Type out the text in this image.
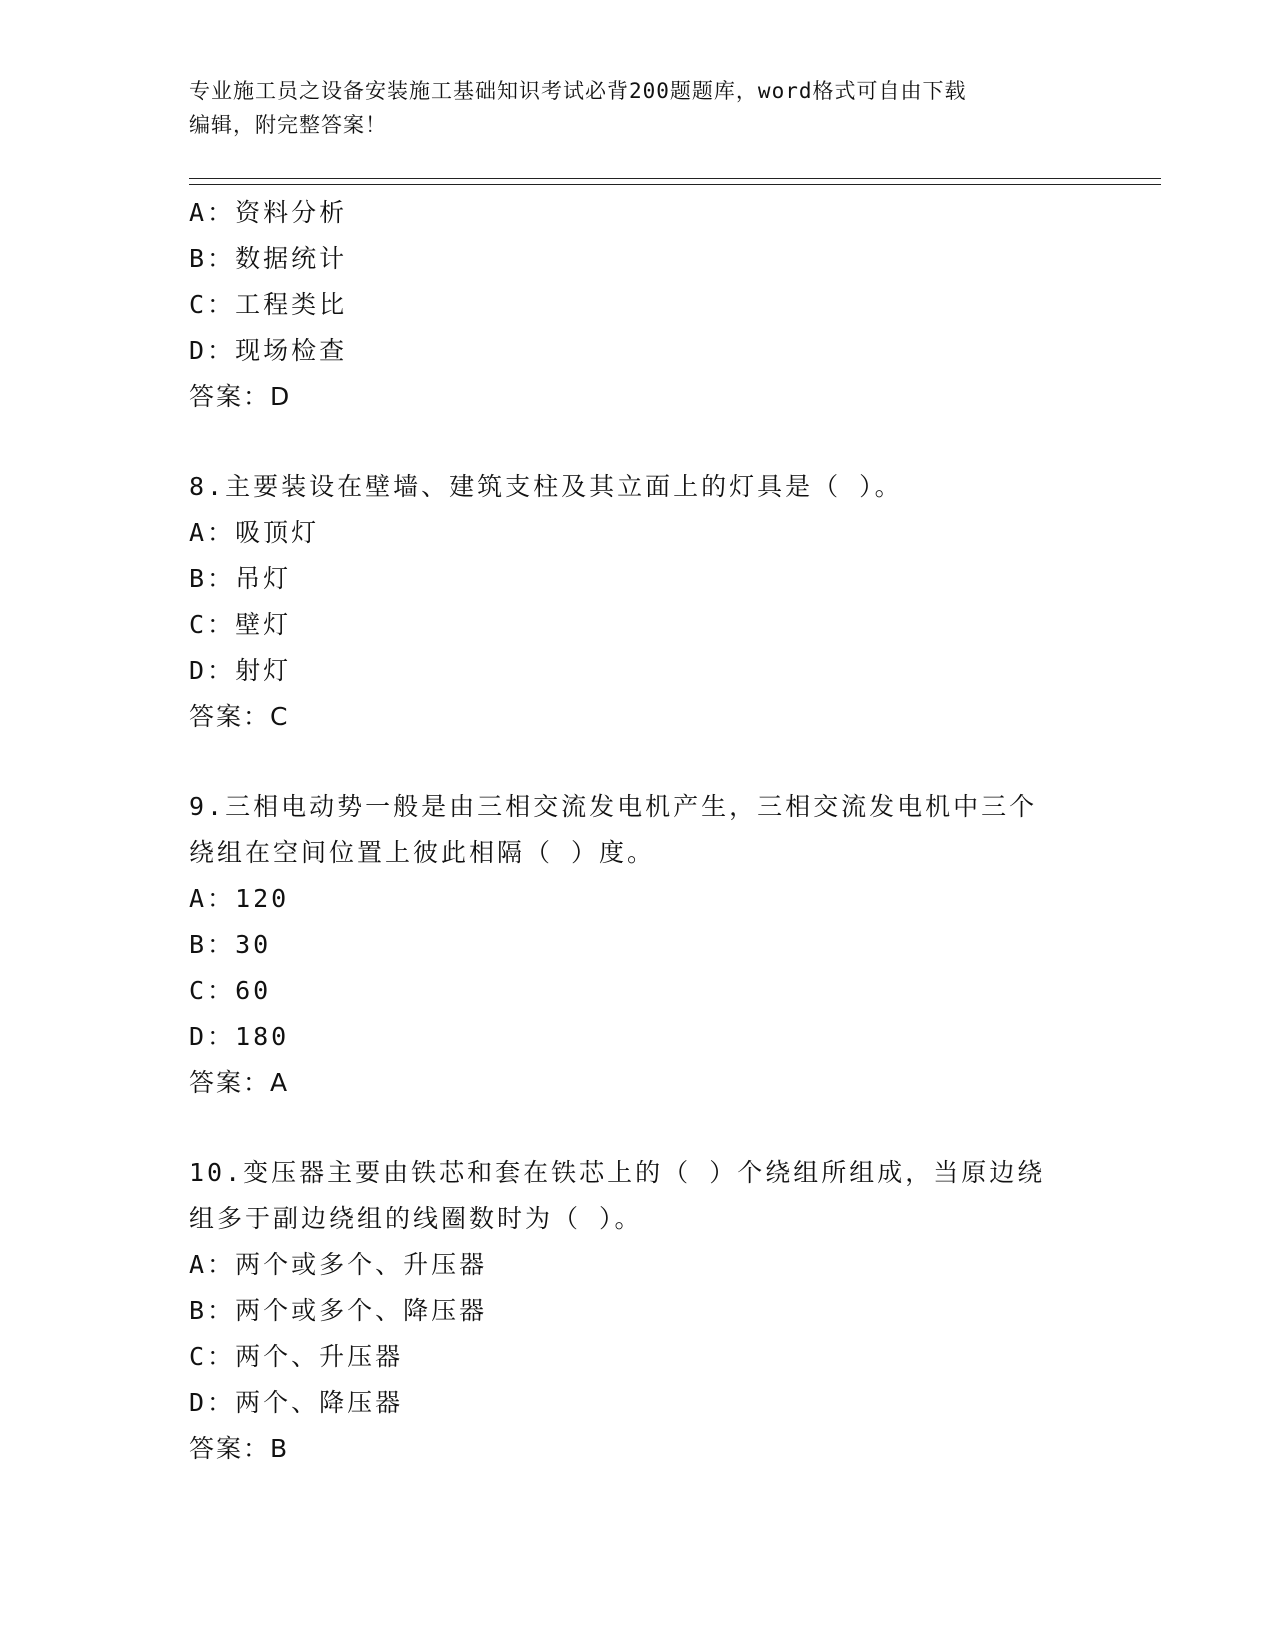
专业施工员之设备安装施工基础知识考试必背200题题库，word格式可自由下载
编辑，附完整答案！
A：资料分析
B：数据统计
C：工程类比
D：现场检查
答案：D
8.主要装设在壁墙、建筑支柱及其立面上的灯具是（ ）。
A：吸顶灯
B：吊灯
C：壁灯
D：射灯
答案：C
9.三相电动势一般是由三相交流发电机产生，三相交流发电机中三个
绕组在空间位置上彼此相隔（ ）度。
A：120
B：30
C：60
D：180
答案：A
10.变压器主要由铁芯和套在铁芯上的（ ）个绕组所组成，当原边绕
组多于副边绕组的线圈数时为（ ）。
A：两个或多个、升压器
B：两个或多个、降压器
C：两个、升压器
D：两个、降压器
答案：B
